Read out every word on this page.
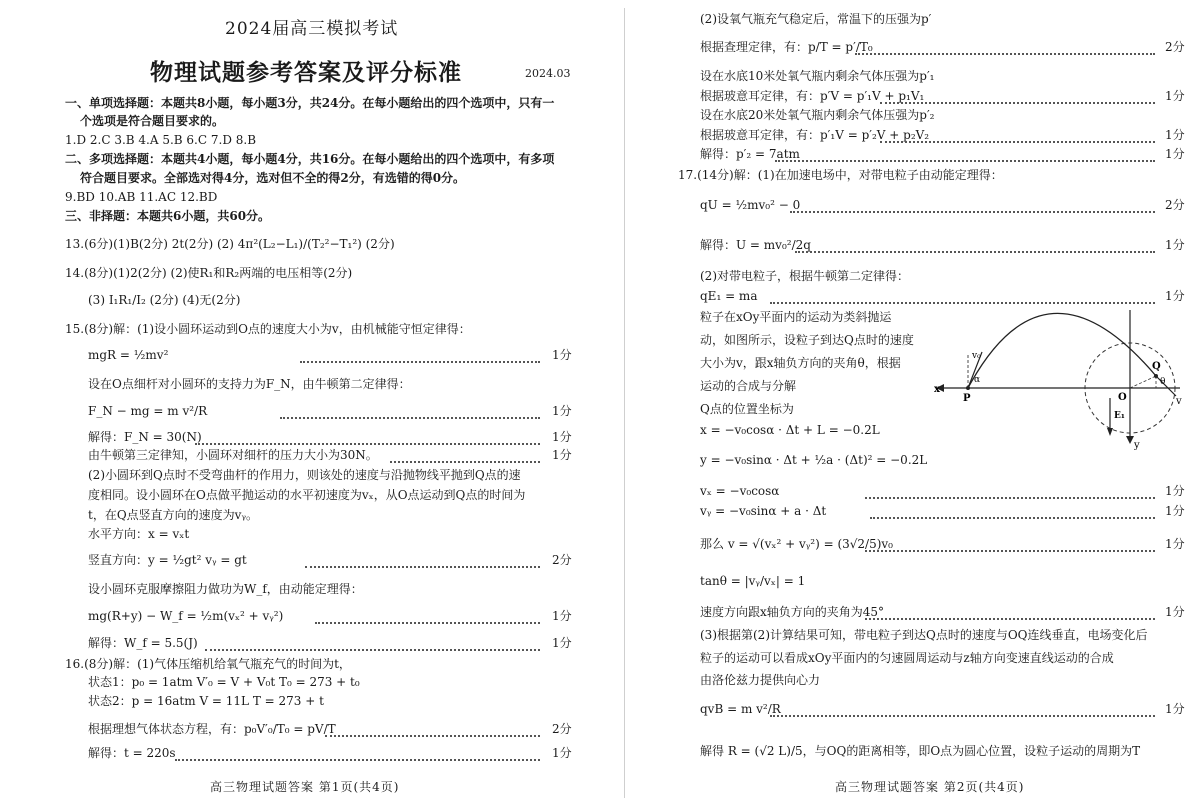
2024届高三模拟考试
物理试题参考答案及评分标准	2024.03
一、单项选择题：本题共8小题，每小题3分，共24分。在每小题给出的四个选项中，只有一
个选项是符合题目要求的。
1.D 2.C 3.B 4.A 5.B 6.C 7.D 8.B
二、多项选择题：本题共4小题，每小题4分，共16分。在每小题给出的四个选项中，有多项
符合题目要求。全部选对得4分，选对但不全的得2分，有选错的得0分。
9.BD 10.AB 11.AC 12.BD
三、非择题：本题共6小题，共60分。
13.(6分)(1)B(2分) 2t(2分) (2) 4π²(L₂−L₁)/(T₂²−T₁²) (2分)
14.(8分)(1)2(2分) (2)使R₁和R₂两端的电压相等(2分)
(3) I₁R₁/I₂ (2分) (4)无(2分)
15.(8分)解：(1)设小圆环运动到O点的速度大小为v，由机械能守恒定律得：
mgR = ½mv²
设在O点细杆对小圆环的支持力为F_N，由牛顿第二定律得：
F_N − mg = m v²/R
解得：F_N = 30(N)
由牛顿第三定律知，小圆环对细杆的压力大小为30N。
(2)小圆环到Q点时不受弯曲杆的作用力，则该处的速度与沿抛物线平抛到Q点的速
度相同。设小圆环在O点做平抛运动的水平初速度为vₓ，从O点运动到Q点的时间为
t，在Q点竖直方向的速度为vᵧ。
水平方向：x = vₓt
竖直方向：y = ½gt² vᵧ = gt
设小圆环克服摩擦阻力做功为W_f，由动能定理得：
mg(R+y) − W_f = ½m(vₓ² + vᵧ²)
解得：W_f = 5.5(J)
16.(8分)解：(1)气体压缩机给氧气瓶充气的时间为t，
状态1：p₀ = 1atm V′₀ = V + V₀t T₀ = 273 + t₀
状态2：p = 16atm V = 11L T = 273 + t
根据理想气体状态方程，有：p₀V′₀/T₀ = pV/T
解得：t = 220s
1分
1分
1分
1分
2分
1分
1分
2分
1分
高三物理试题答案 第1页(共4页)
(2)设氧气瓶充气稳定后，常温下的压强为p′
根据查理定律，有：p/T = p′/T₀
设在水底10米处氧气瓶内剩余气体压强为p′₁
根据玻意耳定律，有：p′V = p′₁V + p₁V₁
设在水底20米处氧气瓶内剩余气体压强为p′₂
根据玻意耳定律，有：p′₁V = p′₂V + p₂V₂
解得：p′₂ = 7atm
17.(14分)解：(1)在加速电场中，对带电粒子由动能定理得：
qU = ½mv₀² − 0
解得：U = mv₀²/2q
(2)对带电粒子，根据牛顿第二定律得：
qE₁ = ma
粒子在xOy平面内的运动为类斜抛运
动，如图所示，设粒子到达Q点时的速度
大小为v，跟x轴负方向的夹角θ，根据
运动的合成与分解
Q点的位置坐标为
x = −v₀cosα · Δt + L = −0.2L
y = −v₀sinα · Δt + ½a · (Δt)² = −0.2L
vₓ = −v₀cosα
vᵧ = −v₀sinα + a · Δt
那么 v = √(vₓ² + vᵧ²) = (3√2/5)v₀
tanθ = |vᵧ/vₓ| = 1
速度方向跟x轴负方向的夹角为45°
(3)根据第(2)计算结果可知，带电粒子到达Q点时的速度与OQ连线垂直，电场变化后
粒子的运动可以看成xOy平面内的匀速圆周运动与z轴方向变速直线运动的合成
由洛伦兹力提供向心力
qvB = m v²/R
解得 R = (√2 L)/5，与OQ的距离相等，即O点为圆心位置，设粒子运动的周期为T
2分
1分
1分
1分
2分
1分
1分
1分
1分
1分
1分
1分
v₀
α
P
x
E₁
O
Q
θ
v
y
高三物理试题答案 第2页(共4页)
